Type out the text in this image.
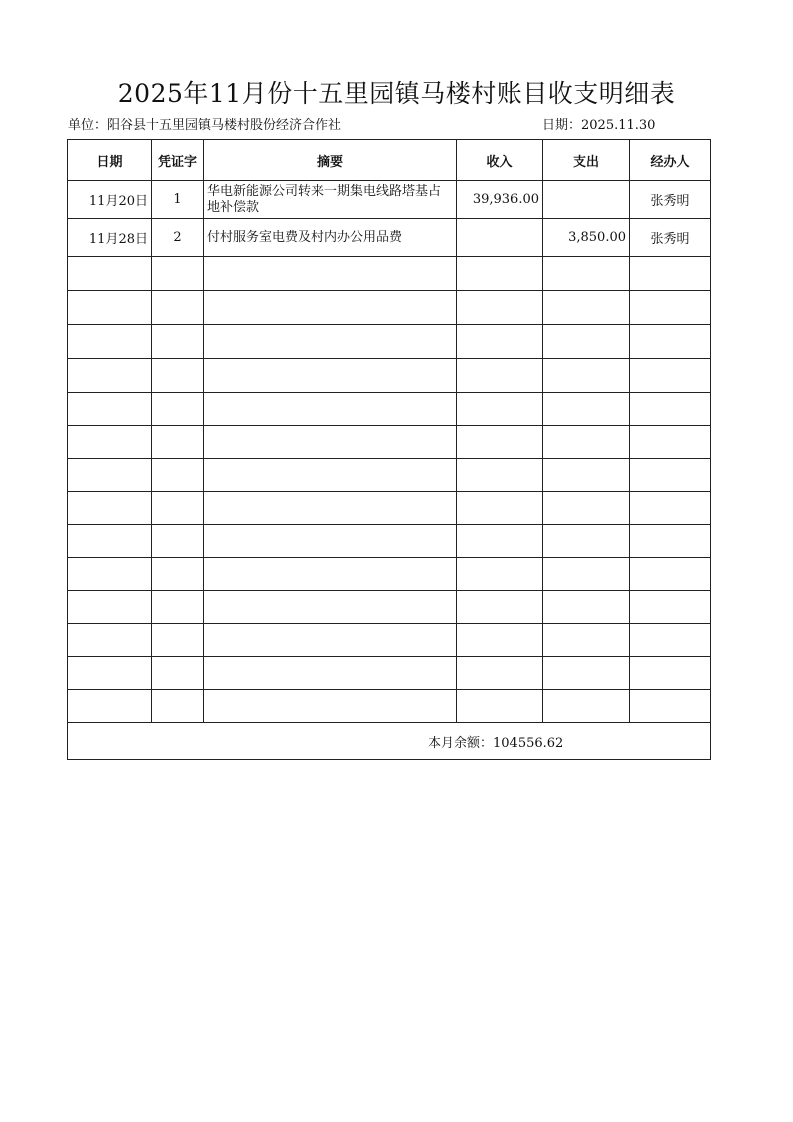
2025年11月份十五里园镇马楼村账目收支明细表
单位：阳谷县十五里园镇马楼村股份经济合作社	日期：2025.11.30
日期	凭证字	摘要	收入	支出	经办人
11月20日	1	华电新能源公司转来一期集电线路塔基占地补偿款	39,936.00		张秀明
11月28日	2	付村服务室电费及村内办公用品费		3,850.00	张秀明

本月余额：104556.62					
